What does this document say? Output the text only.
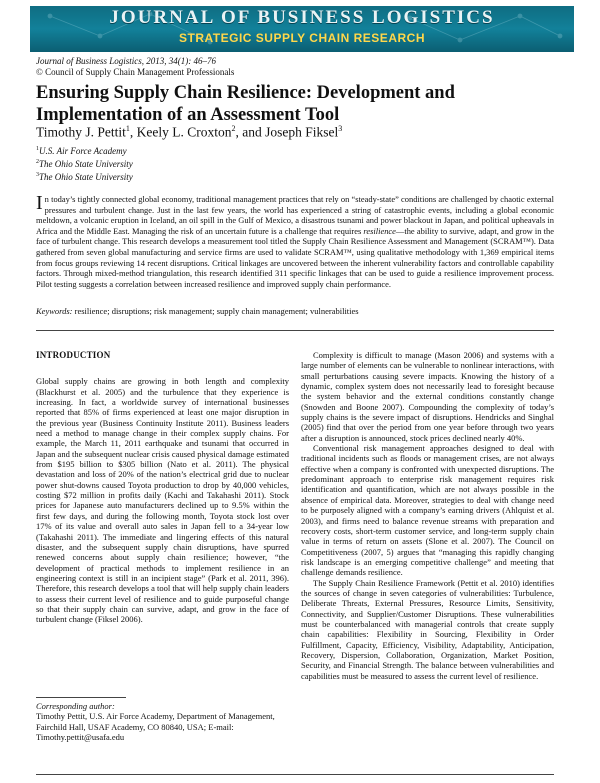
JOURNAL OF BUSINESS LOGISTICS
STRATEGIC SUPPLY CHAIN RESEARCH
Journal of Business Logistics, 2013, 34(1): 46–76
© Council of Supply Chain Management Professionals
Ensuring Supply Chain Resilience: Development and Implementation of an Assessment Tool
Timothy J. Pettit$^1$, Keely L. Croxton$^2$, and Joseph Fiksel$^3$
$^1$U.S. Air Force Academy
$^2$The Ohio State University
$^3$The Ohio State University
In today’s tightly connected global economy, traditional management practices that rely on “steady-state” conditions are challenged by chaotic external pressures and turbulent change. Just in the last few years, the world has experienced a string of catastrophic events, including a global economic meltdown, a volcanic eruption in Iceland, an oil spill in the Gulf of Mexico, a disastrous tsunami and power blackout in Japan, and political upheavals in Africa and the Middle East. Managing the risk of an uncertain future is a challenge that requires resilience—the ability to survive, adapt, and grow in the face of turbulent change. This research develops a measurement tool titled the Supply Chain Resilience Assessment and Management (SCRAM™). Data gathered from seven global manufacturing and service firms are used to validate SCRAM™, using qualitative methodology with 1,369 empirical items from focus groups reviewing 14 recent disruptions. Critical linkages are uncovered between the inherent vulnerability factors and controllable capability factors. Through mixed-method triangulation, this research identified 311 specific linkages that can be used to guide a resilience improvement process. Pilot testing suggests a correlation between increased resilience and improved supply chain performance.
Keywords: resilience; disruptions; risk management; supply chain management; vulnerabilities
INTRODUCTION

Global supply chains are growing in both length and complexity (Blackhurst et al. 2005) and the turbulence that they experience is increasing. In fact, a worldwide survey of international businesses reported that 85% of firms experienced at least one major disruption in the previous year (Business Continuity Institute 2011). Business leaders need a method to manage change in their complex supply chains. For example, the March 11, 2011 earthquake and tsunami that occurred in Japan and the subsequent nuclear crisis caused physical damage estimated from $195 billion to $305 billion (Nato et al. 2011). The physical devastation and loss of 20% of the nation’s electrical grid due to nuclear power shut-downs caused Toyota production to drop by 40,000 vehicles, costing $72 million in profits daily (Kachi and Takahashi 2011). Stock prices for Japanese auto manufacturers declined up to 9.5% within the first few days, and during the following month, Toyota stock lost over 17% of its value and overall auto sales in Japan fell to a 34-year low (Takahashi 2011). The immediate and lingering effects of this natural disaster, and the subsequent supply chain disruptions, have spurred renewed concerns about supply chain resilience; however, “the development of practical methods to implement resilience in an engineering context is still in an incipient stage” (Park et al. 2011, 396). Therefore, this research develops a tool that will help supply chain leaders to assess their current level of resilience and to guide purposeful change so that their supply chain can survive, adapt, and grow in the face of turbulent change (Fiksel 2006).

Corresponding author:
Timothy Pettit, U.S. Air Force Academy, Department of Management, Fairchild Hall, USAF Academy, CO 80840, USA; E-mail: Timothy.pettit@usafa.edu

Complexity is difficult to manage (Mason 2006) and systems with a large number of elements can be vulnerable to nonlinear interactions, with small perturbations causing severe impacts. Knowing the history of a dynamic, complex system does not necessarily lead to foresight because the system behavior and the external conditions constantly change (Snowden and Boone 2007). Compounding the complexity of today’s supply chains is the severe impact of disruptions. Hendricks and Singhal (2005) find that over the period from one year before through two years after a disruption is announced, stock prices declined nearly 40%.

Conventional risk management approaches designed to deal with traditional incidents such as floods or management crises, are not always effective when a company is confronted with unexpected disruptions. The predominant approach to enterprise risk management requires risk identification and quantification, which are not always possible in the absence of empirical data. Moreover, strategies to deal with change need to be purposely aligned with a company’s earning drivers (Ahlquist et al. 2003), and firms need to balance revenue streams with preparation and recovery costs, short-term customer service, and long-term supply chain value in terms of return on assets (Slone et al. 2007). The Council on Competitiveness (2007, 5) argues that “managing this rapidly changing risk landscape is an emerging competitive challenge” and meeting that challenge demands resilience.

The Supply Chain Resilience Framework (Pettit et al. 2010) identifies the sources of change in seven categories of vulnerabilities: Turbulence, Deliberate Threats, External Pressures, Resource Limits, Sensitivity, Connectivity, and Supplier/Customer Disruptions. These vulnerabilities must be counterbalanced with managerial controls that create supply chain capabilities: Flexibility in Sourcing, Flexibility in Order Fulfillment, Capacity, Efficiency, Visibility, Adaptability, Anticipation, Recovery, Dispersion, Collaboration, Organization, Market Position, Security, and Financial Strength. The balance between vulnerabilities and capabilities must be measured to assess the current level of resilience.
